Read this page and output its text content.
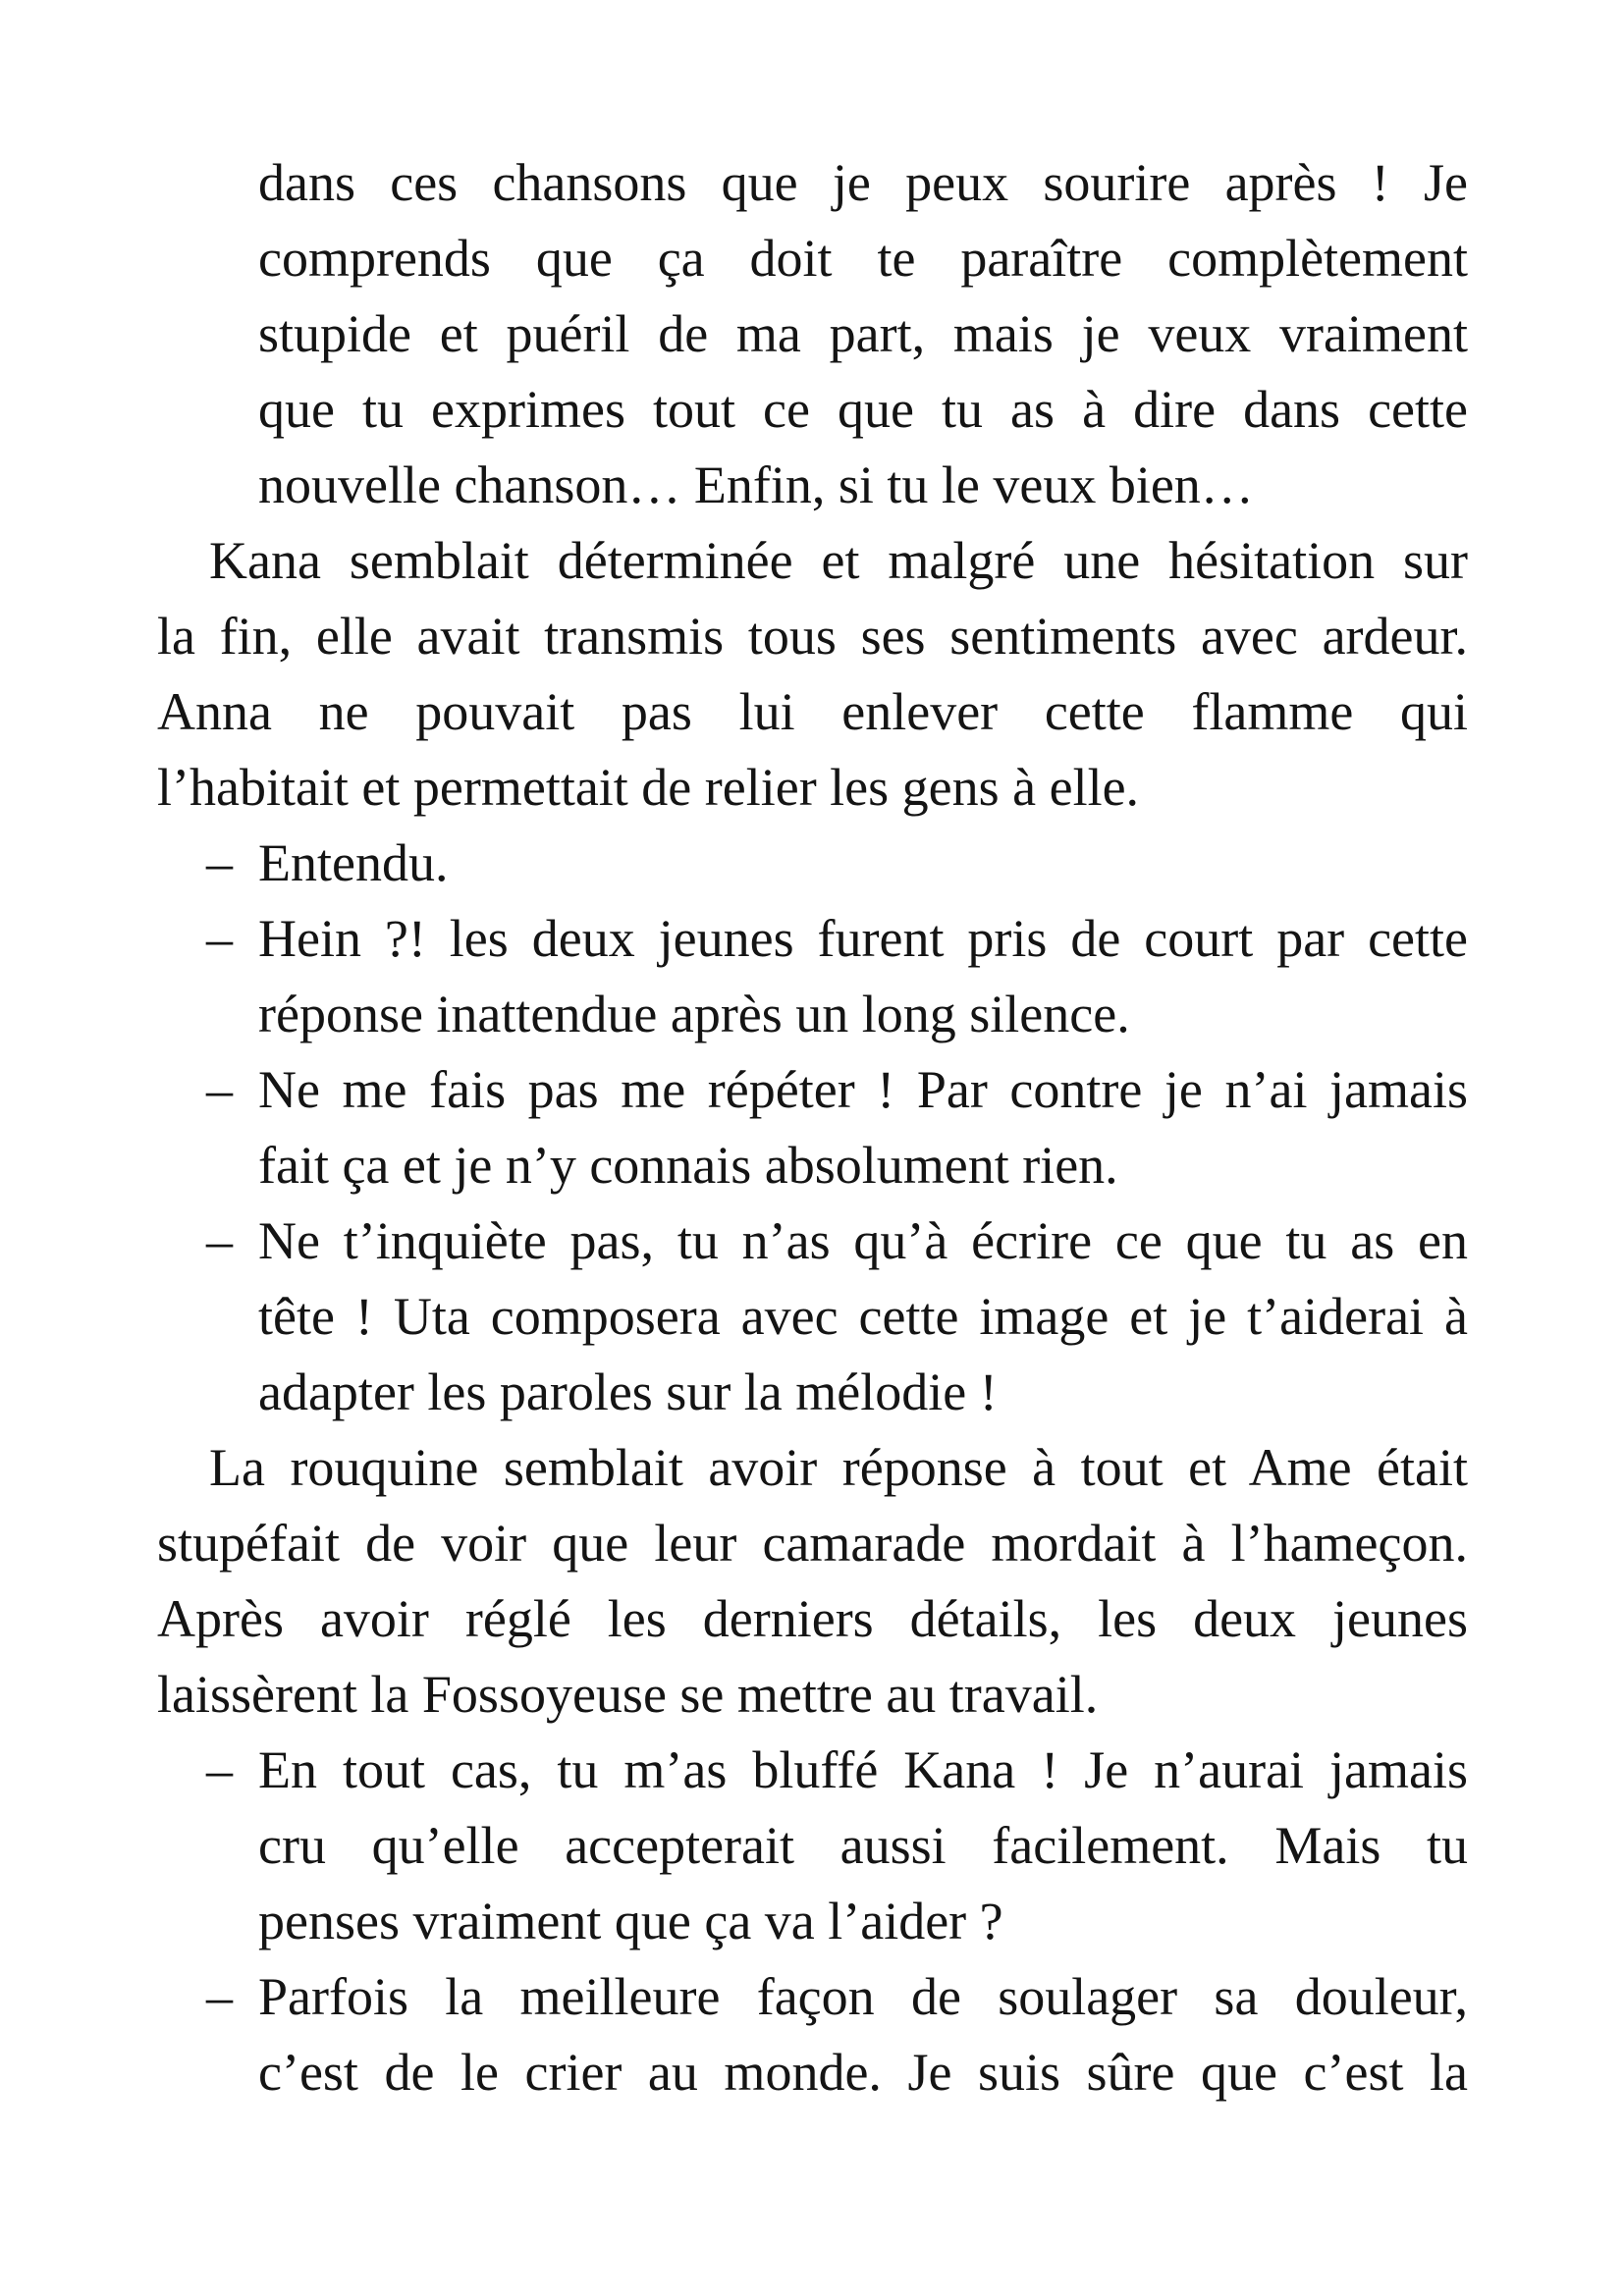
dans ces chansons que je peux sourire après ! Je
comprends que ça doit te paraître complètement
stupide et puéril de ma part, mais je veux vraiment
que tu exprimes tout ce que tu as à dire dans cette
nouvelle chanson… Enfin, si tu le veux bien…
Kana semblait déterminée et malgré une hésitation sur
la fin, elle avait transmis tous ses sentiments avec ardeur.
Anna ne pouvait pas lui enlever cette flamme qui
l’habitait et permettait de relier les gens à elle.
– Entendu.
– Hein ?! les deux jeunes furent pris de court par cette
réponse inattendue après un long silence.
– Ne me fais pas me répéter ! Par contre je n’ai jamais
fait ça et je n’y connais absolument rien.
– Ne t’inquiète pas, tu n’as qu’à écrire ce que tu as en
tête ! Uta composera avec cette image et je t’aiderai à
adapter les paroles sur la mélodie !
La rouquine semblait avoir réponse à tout et Ame était
stupéfait de voir que leur camarade mordait à l’hameçon.
Après avoir réglé les derniers détails, les deux jeunes
laissèrent la Fossoyeuse se mettre au travail.
– En tout cas, tu m’as bluffé Kana ! Je n’aurai jamais
cru qu’elle accepterait aussi facilement. Mais tu
penses vraiment que ça va l’aider ?
– Parfois la meilleure façon de soulager sa douleur,
c’est de le crier au monde. Je suis sûre que c’est la
